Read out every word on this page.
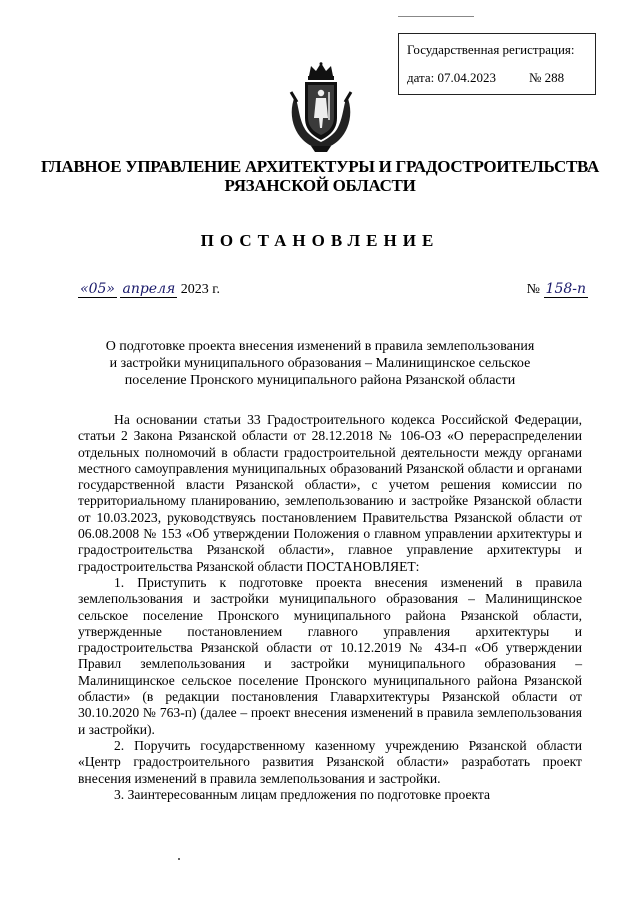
Государственная регистрация:
дата: 07.04.2023	№ 288
ГЛАВНОЕ УПРАВЛЕНИЕ АРХИТЕКТУРЫ И ГРАДОСТРОИТЕЛЬСТВА
РЯЗАНСКОЙ ОБЛАСТИ
ПОСТАНОВЛЕНИЕ
«05» апреля 2023 г.	№ 158-п
О подготовке проекта внесения изменений в правила землепользования
и застройки муниципального образования – Малинищинское сельское
поселение Пронского муниципального района Рязанской области

На основании статьи 33 Градостроительного кодекса Российской Федерации, статьи 2 Закона Рязанской области от 28.12.2018 № 106-ОЗ «О перераспределении отдельных полномочий в области градостроительной деятельности между органами местного самоуправления муниципальных образований Рязанской области и органами государственной власти Рязанской области», с учетом решения комиссии по территориальному планированию, землепользованию и застройке Рязанской области от 10.03.2023, руководствуясь постановлением Правительства Рязанской области от 06.08.2008 № 153 «Об утверждении Положения о главном управлении архитектуры и градостроительства Рязанской области», главное управление архитектуры и градостроительства Рязанской области ПОСТАНОВЛЯЕТ:

1. Приступить к подготовке проекта внесения изменений в правила землепользования и застройки муниципального образования – Малинищинское сельское поселение Пронского муниципального района Рязанской области, утвержденные постановлением главного управления архитектуры и градостроительства Рязанской области от 10.12.2019 № 434-п «Об утверждении Правил землепользования и застройки муниципального образования – Малинищинское сельское поселение Пронского муниципального района Рязанской области» (в редакции постановления Главархитектуры Рязанской области от 30.10.2020 № 763-п) (далее – проект внесения изменений в правила землепользования и застройки).

2. Поручить государственному казенному учреждению Рязанской области «Центр градостроительного развития Рязанской области» разработать проект внесения изменений в правила землепользования и застройки.

3. Заинтересованным лицам предложения по подготовке проекта
